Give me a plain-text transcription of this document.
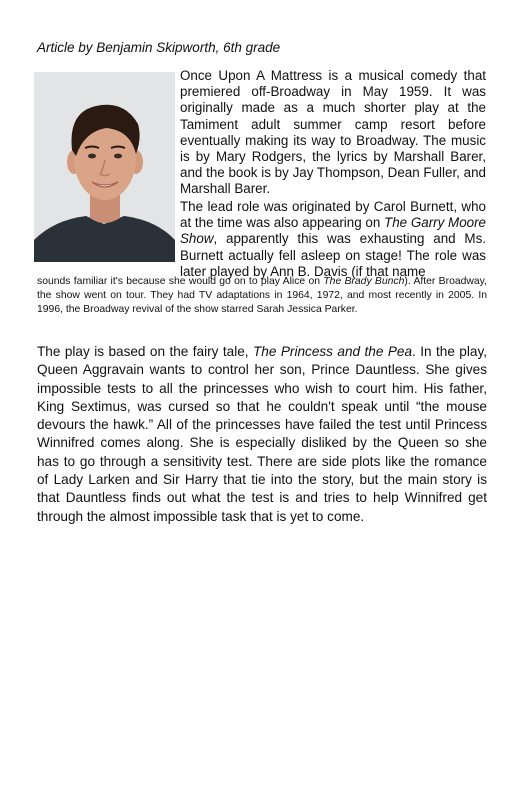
Article by Benjamin Skipworth, 6th grade

Once Upon A Mattress is a musical comedy that premiered off-Broadway in May 1959. It was originally made as a much shorter play at the Tamiment adult summer camp resort before eventually making its way to Broadway. The music is by Mary Rodgers, the lyrics by Marshall Barer, and the book is by Jay Thompson, Dean Fuller, and Marshall Barer.

The lead role was originated by Carol Burnett, who at the time was also appearing on The Garry Moore Show, apparently this was exhausting and Ms. Burnett actually fell asleep on stage! The role was later played by Ann B. Davis (if that name

sounds familiar it's because she would go on to play Alice on The Brady Bunch). After Broadway, the show went on tour. They had TV adaptations in 1964, 1972, and most recently in 2005. In 1996, the Broadway revival of the show starred Sarah Jessica Parker.

The play is based on the fairy tale, The Princess and the Pea. In the play, Queen Aggravain wants to control her son, Prince Dauntless. She gives impossible tests to all the princesses who wish to court him. His father, King Sextimus, was cursed so that he couldn't speak until “the mouse devours the hawk.” All of the princesses have failed the test until Princess Winnifred comes along. She is especially disliked by the Queen so she has to go through a sensitivity test. There are side plots like the romance of Lady Larken and Sir Harry that tie into the story, but the main story is that Dauntless finds out what the test is and tries to help Winnifred get through the almost impossible task that is yet to come.
